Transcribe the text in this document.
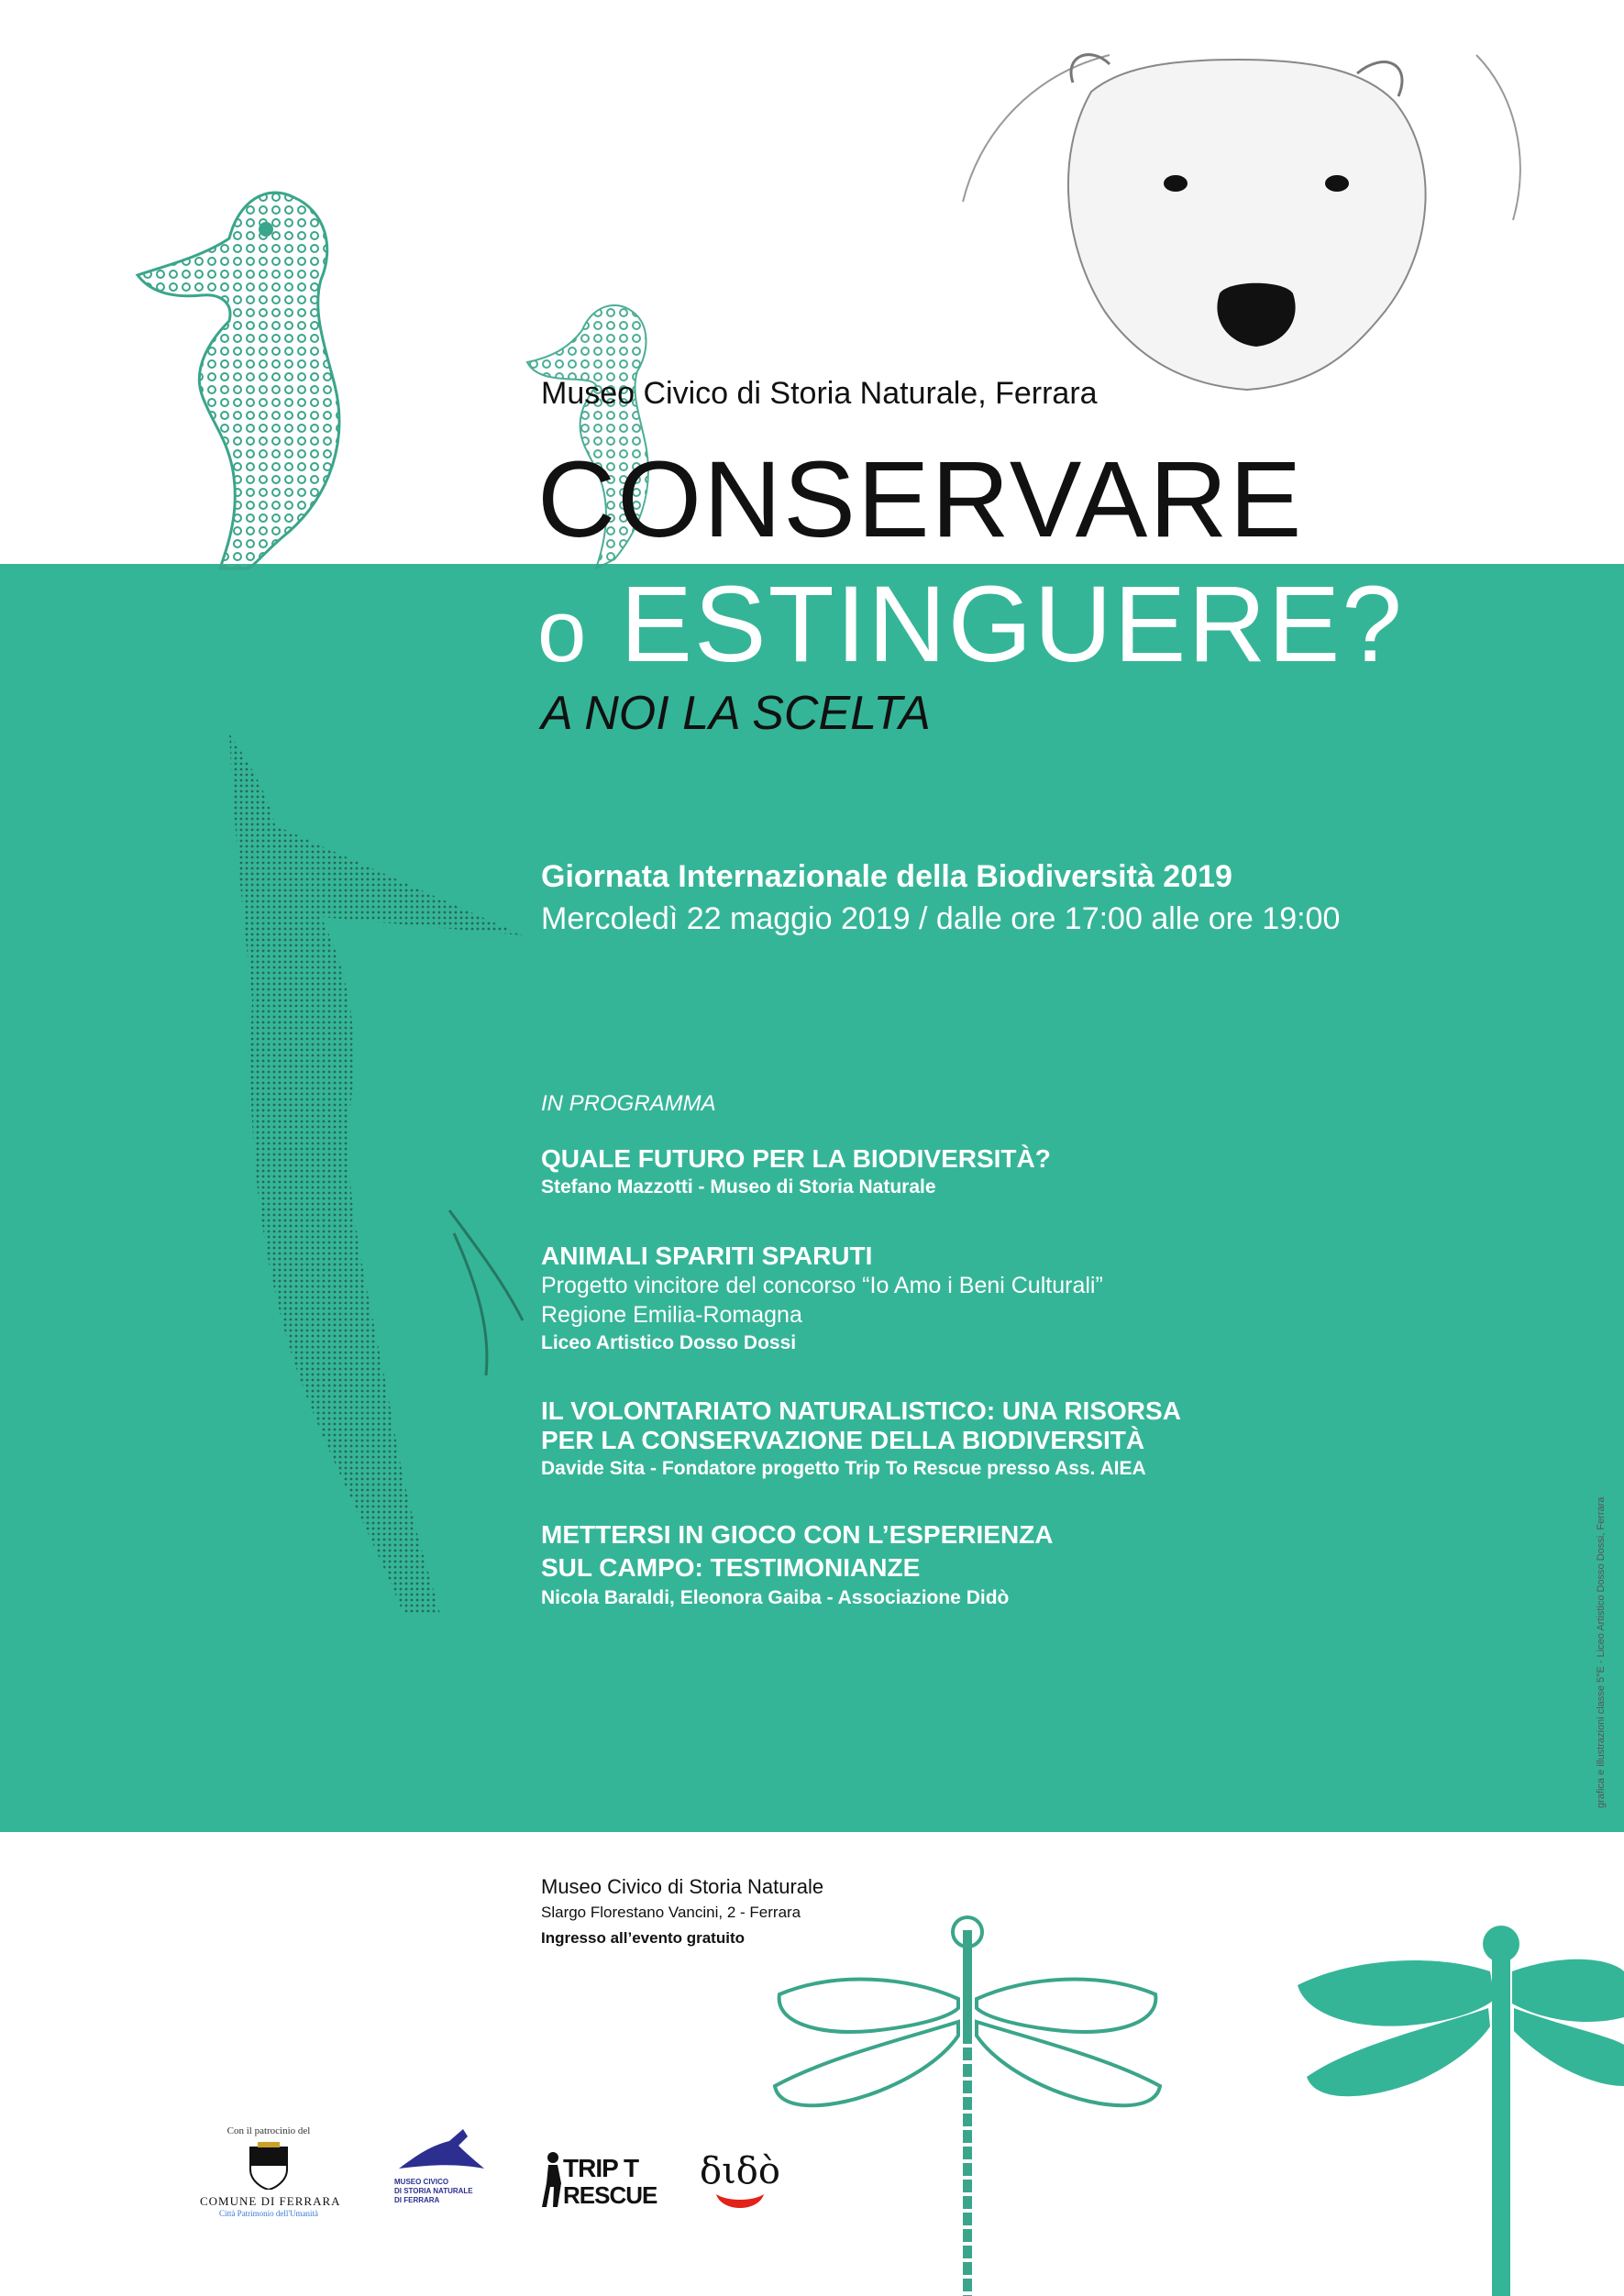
Museo Civico di Storia Naturale, Ferrara
CONSERVARE
o ESTINGUERE?
A NOI LA SCELTA
Giornata Internazionale della Biodiversità 2019
Mercoledì 22 maggio 2019 / dalle ore 17:00 alle ore 19:00
IN PROGRAMMA
QUALE FUTURO PER LA BIODIVERSITÀ?
Stefano Mazzotti - Museo di Storia Naturale
ANIMALI SPARITI SPARUTI
Progetto vincitore del concorso “Io Amo i Beni Culturali”
Regione Emilia-Romagna
Liceo Artistico Dosso Dossi
IL VOLONTARIATO NATURALISTICO: UNA RISORSA
PER LA CONSERVAZIONE DELLA BIODIVERSITÀ
Davide Sita - Fondatore progetto Trip To Rescue presso Ass. AIEA
METTERSI IN GIOCO CON L’ESPERIENZA
SUL CAMPO: TESTIMONIANZE
Nicola Baraldi, Eleonora Gaiba - Associazione Didò	grafica e illustrazioni classe 5°E - Liceo Artistico Dosso Dossi, Ferrara
Museo Civico di Storia Naturale
Slargo Florestano Vancini, 2 - Ferrara
Ingresso all’evento gratuito
Con il patrocinio del
COMUNE DI FERRARA
Città Patrimonio dell'Umanità
MUSEO CIVICO
DI STORIA NATURALE
DI FERRARA
TRIP T
RESCUE
διδò
